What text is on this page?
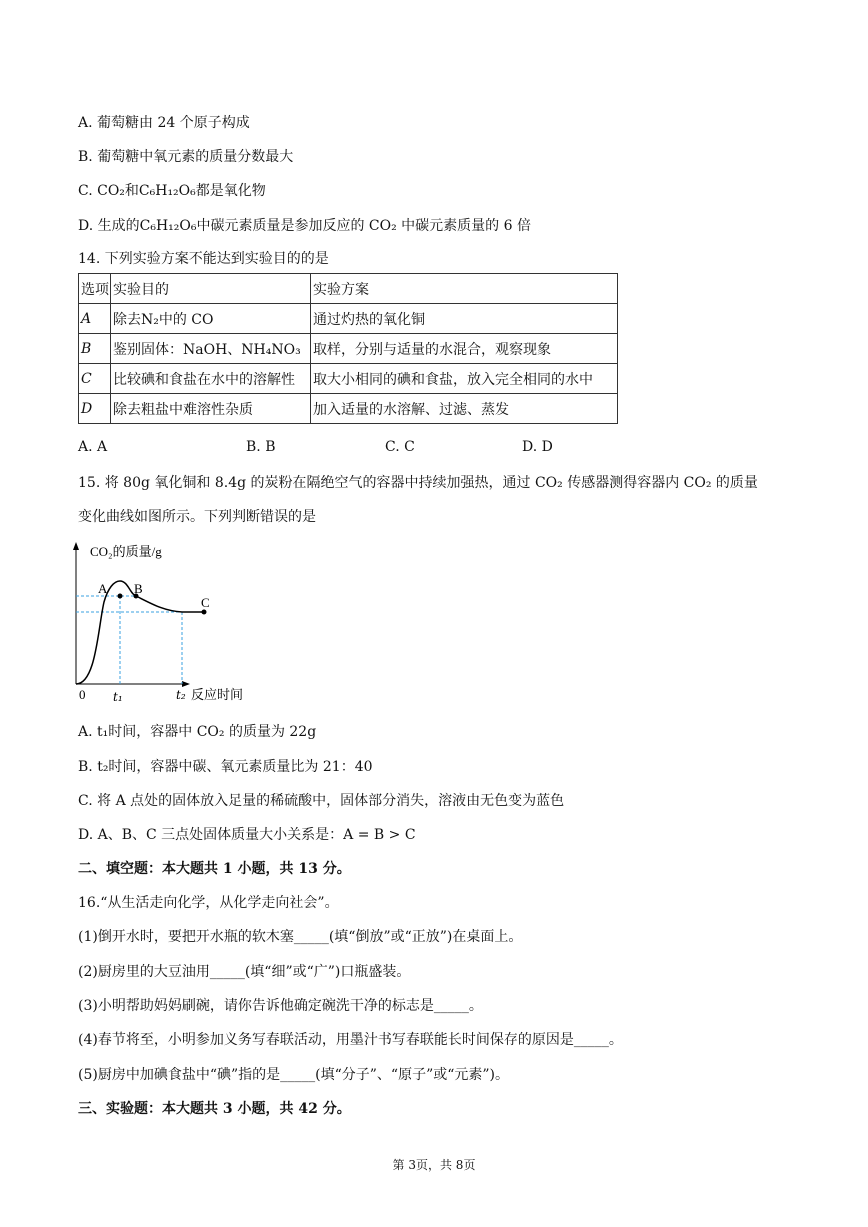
A. 葡萄糖由 24 个原子构成
B. 葡萄糖中氧元素的质量分数最大
C. CO₂和C₆H₁₂O₆都是氧化物
D. 生成的C₆H₁₂O₆中碳元素质量是参加反应的 CO₂ 中碳元素质量的 6 倍
14. 下列实验方案不能达到实验目的的是
选项	实验目的	实验方案
A	除去N₂中的 CO	通过灼热的氧化铜
B	鉴别固体：NaOH、NH₄NO₃	取样，分别与适量的水混合，观察现象
C	比较碘和食盐在水中的溶解性	取大小相同的碘和食盐，放入完全相同的水中
D	除去粗盐中难溶性杂质	加入适量的水溶解、过滤、蒸发
A. A	B. B	C. C	D. D
15. 将 80g 氧化铜和 8.4g 的炭粉在隔绝空气的容器中持续加强热，通过 CO₂ 传感器测得容器内 CO₂ 的质量
变化曲线如图所示。下列判断错误的是
CO₂的质量/g
0 t₁	t₂ 反应时间
A B
C
A. t₁时间，容器中 CO₂ 的质量为 22g
B. t₂时间，容器中碳、氧元素质量比为 21：40
C. 将 A 点处的固体放入足量的稀硫酸中，固体部分消失，溶液由无色变为蓝色
D. A、B、C 三点处固体质量大小关系是：A = B > C
二、填空题：本大题共 1 小题，共 13 分。
16.“从生活走向化学，从化学走向社会”。
(1)倒开水时，要把开水瓶的软木塞_____(填“倒放”或“正放”)在桌面上。
(2)厨房里的大豆油用_____(填“细”或“广”)口瓶盛装。
(3)小明帮助妈妈刷碗，请你告诉他确定碗洗干净的标志是_____。
(4)春节将至，小明参加义务写春联活动，用墨汁书写春联能长时间保存的原因是_____。
(5)厨房中加碘食盐中“碘”指的是_____(填“分子”、“原子”或“元素”)。
三、实验题：本大题共 3 小题，共 42 分。
第 3页，共 8页
